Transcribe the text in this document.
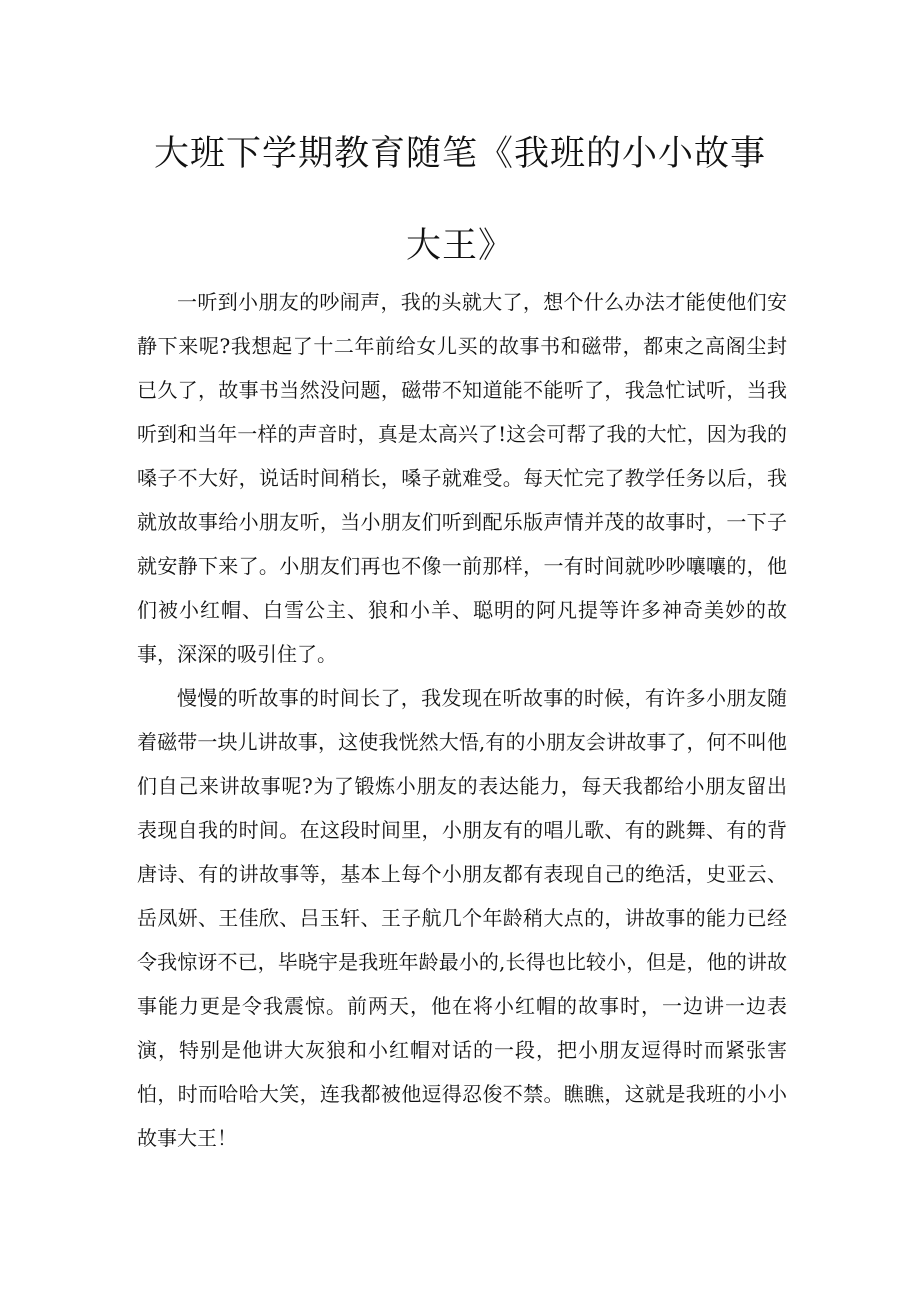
大班下学期教育随笔《我班的小小故事大王》

一听到小朋友的吵闹声，我的头就大了，想个什么办法才能使他们安静下来呢?我想起了十二年前给女儿买的故事书和磁带，都束之高阁尘封已久了，故事书当然没问题，磁带不知道能不能听了，我急忙试听，当我听到和当年一样的声音时，真是太高兴了!这会可帮了我的大忙，因为我的嗓子不大好，说话时间稍长，嗓子就难受。每天忙完了教学任务以后，我就放故事给小朋友听，当小朋友们听到配乐版声情并茂的故事时，一下子就安静下来了。小朋友们再也不像一前那样，一有时间就吵吵嚷嚷的，他们被小红帽、白雪公主、狼和小羊、聪明的阿凡提等许多神奇美妙的故事，深深的吸引住了。

慢慢的听故事的时间长了，我发现在听故事的时候，有许多小朋友随着磁带一块儿讲故事，这使我恍然大悟,有的小朋友会讲故事了，何不叫他们自己来讲故事呢?为了锻炼小朋友的表达能力，每天我都给小朋友留出表现自我的时间。在这段时间里，小朋友有的唱儿歌、有的跳舞、有的背唐诗、有的讲故事等，基本上每个小朋友都有表现自己的绝活，史亚云、岳凤妍、王佳欣、吕玉轩、王子航几个年龄稍大点的，讲故事的能力已经令我惊讶不已，毕晓宇是我班年龄最小的,长得也比较小，但是，他的讲故事能力更是令我震惊。前两天，他在将小红帽的故事时，一边讲一边表演，特别是他讲大灰狼和小红帽对话的一段，把小朋友逗得时而紧张害怕，时而哈哈大笑，连我都被他逗得忍俊不禁。瞧瞧，这就是我班的小小故事大王！
